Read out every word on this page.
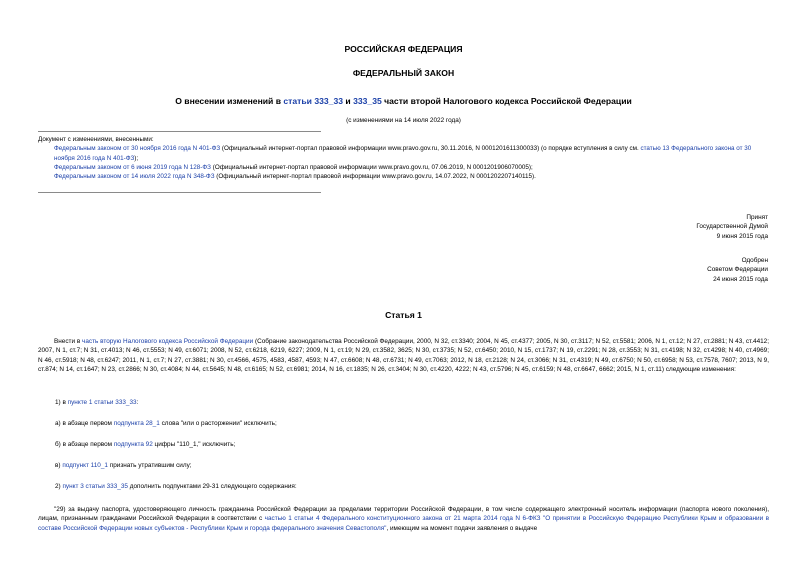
РОССИЙСКАЯ ФЕДЕРАЦИЯ
ФЕДЕРАЛЬНЫЙ ЗАКОН
О внесении изменений в статьи 333_33 и 333_35 части второй Налогового кодекса Российской Федерации
(с изменениями на 14 июля 2022 года)

Документ с изменениями, внесенными:

Федеральным законом от 30 ноября 2016 года N 401-ФЗ (Официальный интернет-портал правовой информации www.pravo.gov.ru, 30.11.2016, N 0001201611300033) (о порядке вступления в силу см. статью 13 Федерального закона от 30 ноября 2016 года N 401-ФЗ);

Федеральным законом от 6 июня 2019 года N 128-ФЗ (Официальный интернет-портал правовой информации www.pravo.gov.ru, 07.06.2019, N 0001201906070005);

Федеральным законом от 14 июля 2022 года N 348-ФЗ (Официальный интернет-портал правовой информации www.pravo.gov.ru, 14.07.2022, N 0001202207140115).

Принят
Государственной Думой
9 июня 2015 года
Одобрен
Советом Федерации
24 июня 2015 года
Статья 1

Внести в часть вторую Налогового кодекса Российской Федерации (Собрание законодательства Российской Федерации, 2000, N 32, ст.3340; 2004, N 45, ст.4377; 2005, N 30, ст.3117; N 52, ст.5581; 2006, N 1, ст.12; N 27, ст.2881; N 43, ст.4412; 2007, N 1, ст.7; N 31, ст.4013; N 46, ст.5553; N 49, ст.6071; 2008, N 52, ст.6218, 6219, 6227; 2009, N 1, ст.19; N 29, ст.3582, 3625; N 30, ст.3735; N 52, ст.6450; 2010, N 15, ст.1737; N 19, ст.2291; N 28, ст.3553; N 31, ст.4198; N 32, ст.4298; N 40, ст.4969; N 46, ст.5918; N 48, ст.6247; 2011, N 1, ст.7; N 27, ст.3881; N 30, ст.4566, 4575, 4583, 4587, 4593; N 47, ст.6608; N 48, ст.6731; N 49, ст.7063; 2012, N 18, ст.2128; N 24, ст.3066; N 31, ст.4319; N 49, ст.6750; N 50, ст.6958; N 53, ст.7578, 7607; 2013, N 9, ст.874; N 14, ст.1647; N 23, ст.2866; N 30, ст.4084; N 44, ст.5645; N 48, ст.6165; N 52, ст.6981; 2014, N 16, ст.1835; N 26, ст.3404; N 30, ст.4220, 4222; N 43, ст.5796; N 45, ст.6159; N 48, ст.6647, 6662; 2015, N 1, ст.11) следующие изменения:

1) в пункте 1 статьи 333_33:
а) в абзаце первом подпункта 28_1 слова "или о расторжении" исключить;
б) в абзаце первом подпункта 92 цифры "110_1," исключить;
в) подпункт 110_1 признать утратившим силу;
2) пункт 3 статьи 333_35 дополнить подпунктами 29-31 следующего содержания:

"29) за выдачу паспорта, удостоверяющего личность гражданина Российской Федерации за пределами территории Российской Федерации, в том числе содержащего электронный носитель информации (паспорта нового поколения), лицам, признанным гражданами Российской Федерации в соответствии с частью 1 статьи 4 Федерального конституционного закона от 21 марта 2014 года N 6-ФКЗ "О принятии в Российскую Федерацию Республики Крым и образовании в составе Российской Федерации новых субъектов - Республики Крым и города федерального значения Севастополя", имеющим на момент подачи заявления о выдаче
